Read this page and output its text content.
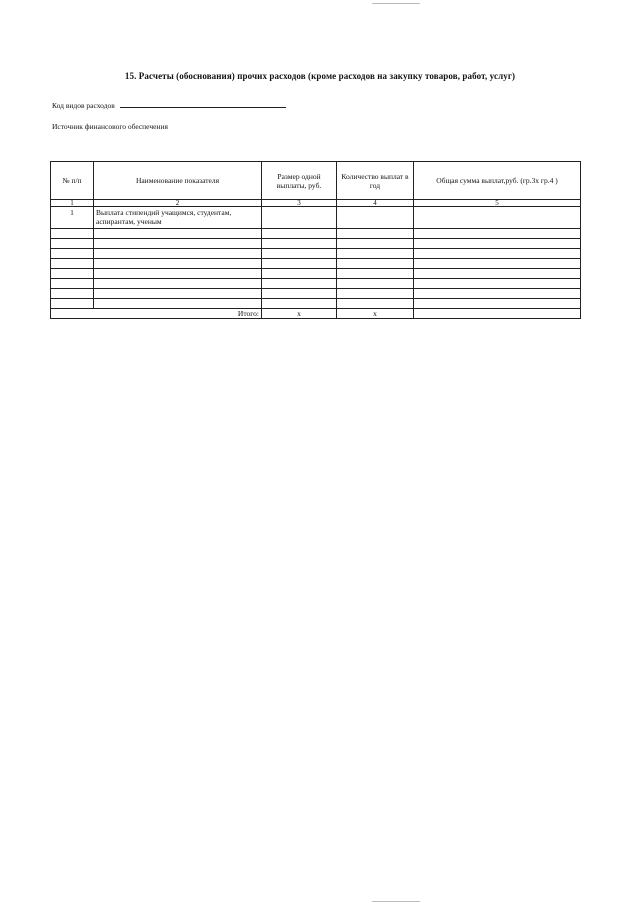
15. Расчеты (обоснования) прочих расходов (кроме расходов на закупку товаров, работ, услуг)
Код видов расходов
Источник финансового обеспечения
№ п/п	Наименование показателя	Размер одной выплаты, руб.	Количество выплат в год	Общая сумма выплат,руб. (гр.3х гр.4 )
1	2	3	4	5
1	Выплата стипендий учащимся, студентам, аспирантам, ученым			

Итого:		x	x	
